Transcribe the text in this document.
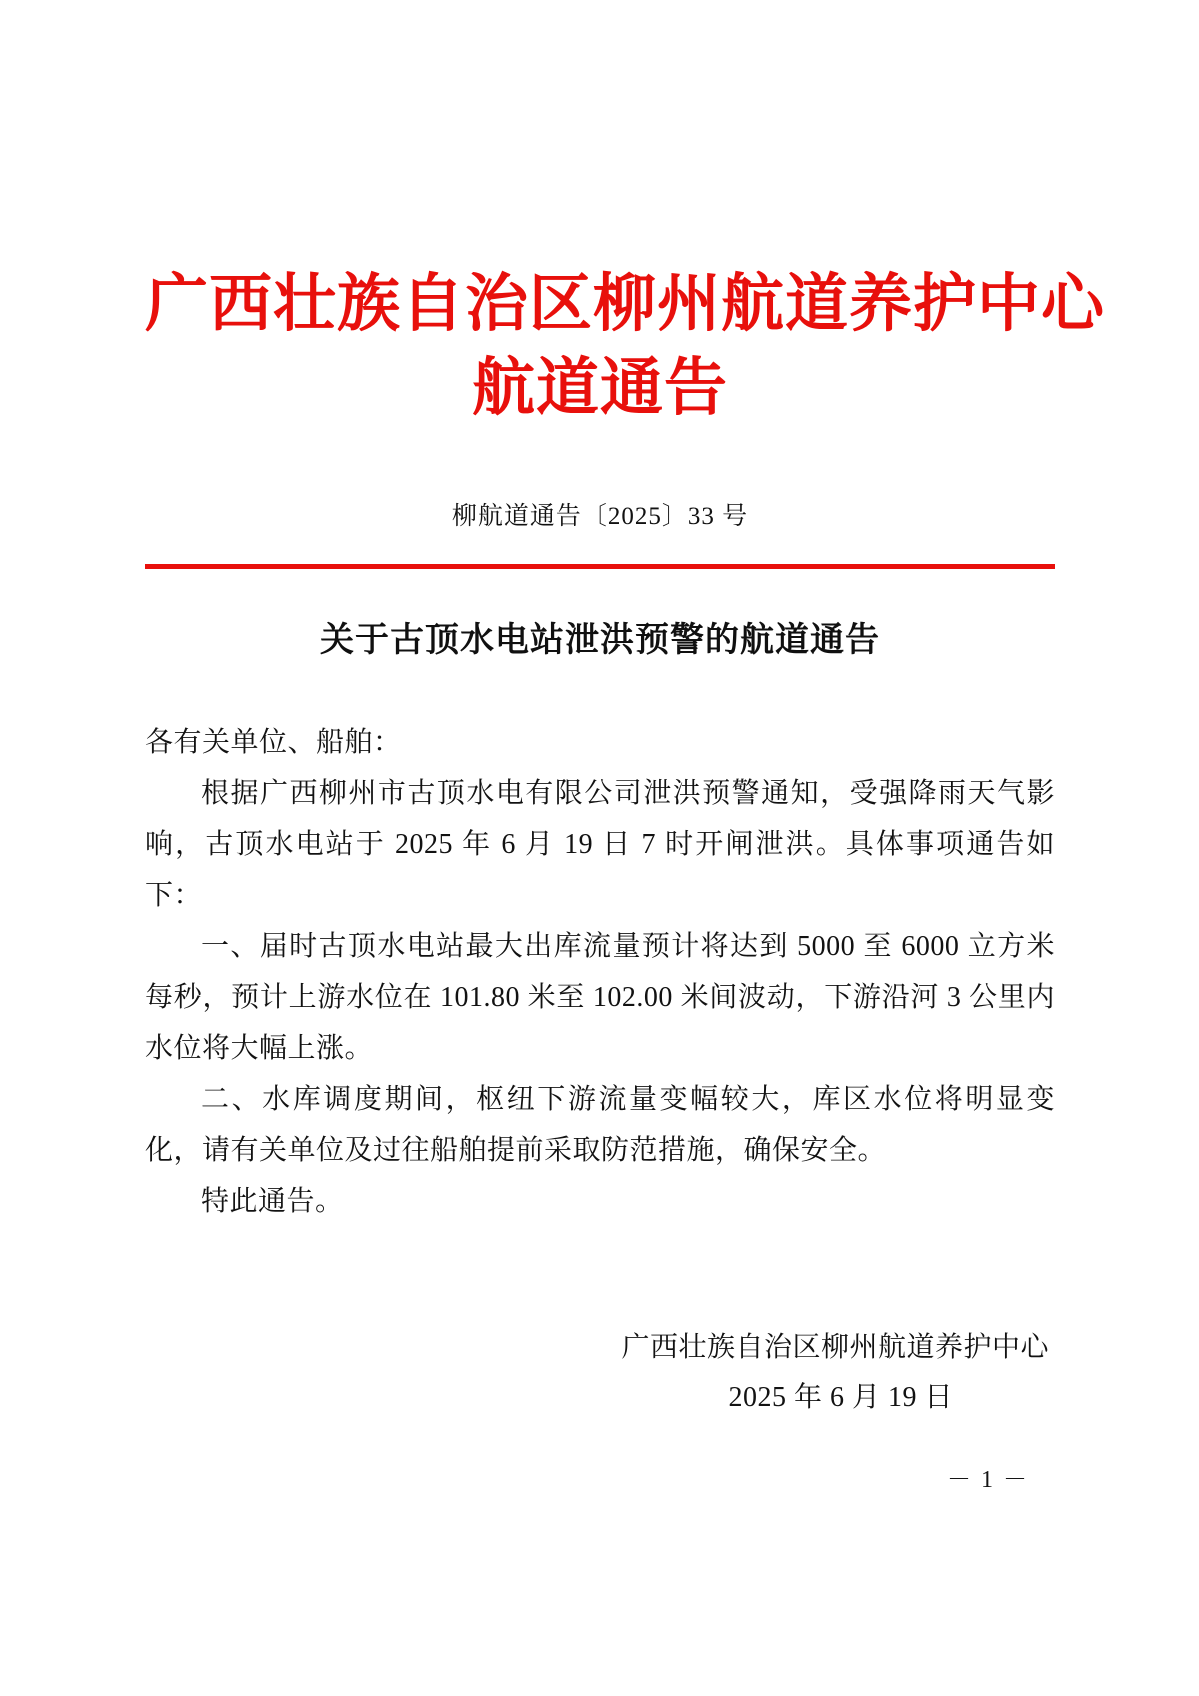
广西壮族自治区柳州航道养护中心
航道通告
柳航道通告〔2025〕33 号
关于古顶水电站泄洪预警的航道通告

各有关单位、船舶：

根据广西柳州市古顶水电有限公司泄洪预警通知，受强降雨天气影响，古顶水电站于 2025 年 6 月 19 日 7 时开闸泄洪。具体事项通告如下：

一、届时古顶水电站最大出库流量预计将达到 5000 至 6000 立方米每秒，预计上游水位在 101.80 米至 102.00 米间波动，下游沿河 3 公里内水位将大幅上涨。

二、水库调度期间，枢纽下游流量变幅较大，库区水位将明显变化，请有关单位及过往船舶提前采取防范措施，确保安全。

特此通告。

广西壮族自治区柳州航道养护中心
2025 年 6 月 19 日
－ 1 －
